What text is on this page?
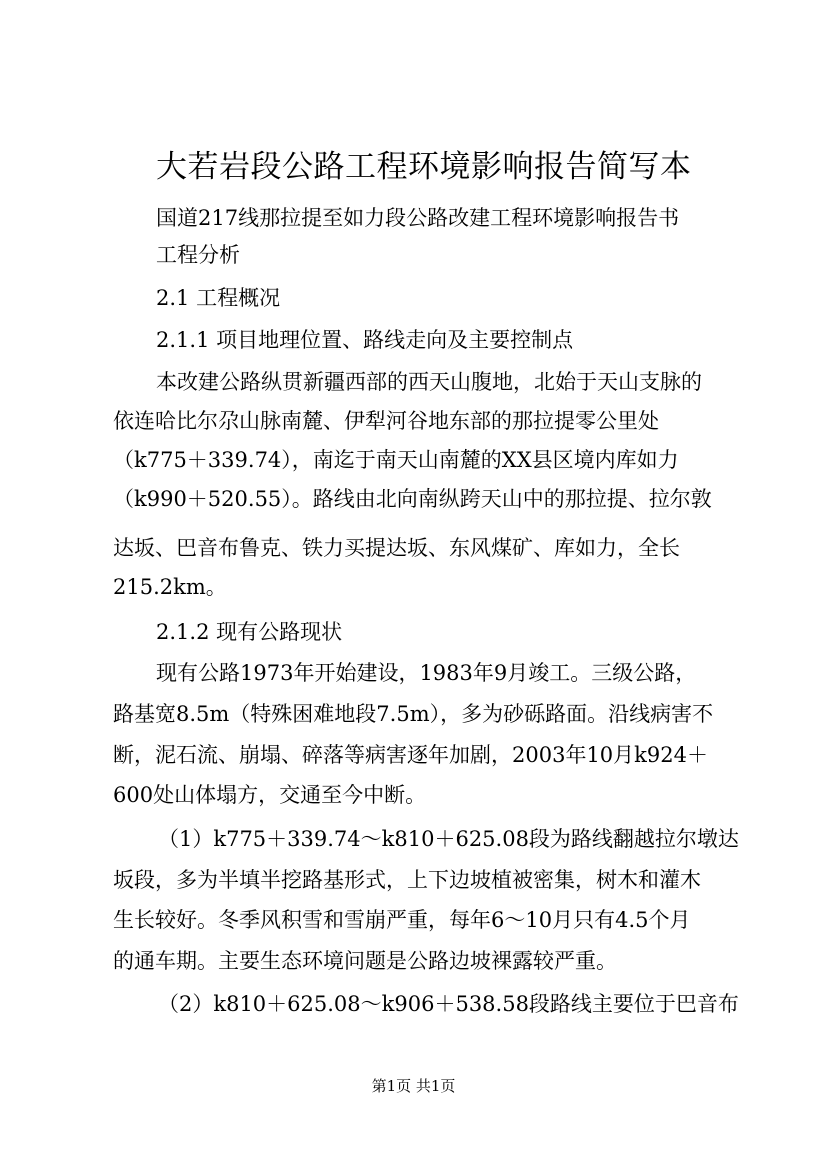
大若岩段公路工程环境影响报告简写本

国道217线那拉提至如力段公路改建工程环境影响报告书

工程分析

2.1 工程概况

2.1.1 项目地理位置、路线走向及主要控制点

本改建公路纵贯新疆西部的西天山腹地，北始于天山支脉的

依连哈比尔尕山脉南麓、伊犁河谷地东部的那拉提零公里处

（k775＋339.74），南迄于南天山南麓的XX县区境内库如力

（k990＋520.55）。路线由北向南纵跨天山中的那拉提、拉尔敦

达坂、巴音布鲁克、铁力买提达坂、东风煤矿、库如力，全长

215.2km。

2.1.2 现有公路现状

现有公路1973年开始建设，1983年9月竣工。三级公路，

路基宽8.5m（特殊困难地段7.5m），多为砂砾路面。沿线病害不

断，泥石流、崩塌、碎落等病害逐年加剧，2003年10月k924＋

600处山体塌方，交通至今中断。

（1）k775＋339.74～k810＋625.08段为路线翻越拉尔墩达

坂段，多为半填半挖路基形式，上下边坡植被密集，树木和灌木

生长较好。冬季风积雪和雪崩严重，每年6～10月只有4.5个月

的通车期。主要生态环境问题是公路边坡裸露较严重。

（2）k810＋625.08～k906＋538.58段路线主要位于巴音布

第1页 共1页
